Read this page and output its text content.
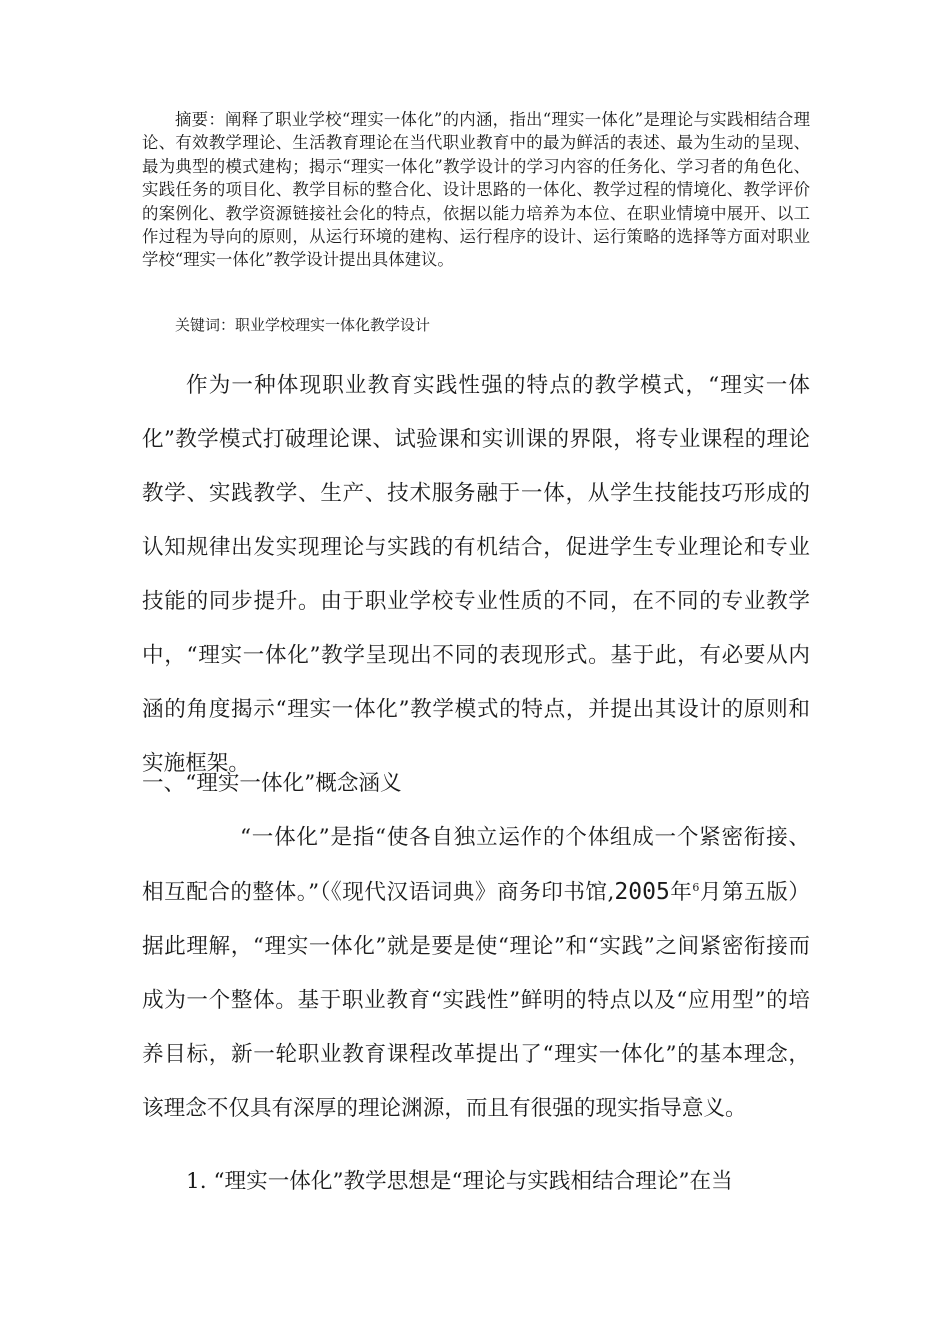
摘要：阐释了职业学校“理实一体化”的内涵，指出“理实一体化”是理论与实践相结合理论、有效教学理论、生活教育理论在当代职业教育中的最为鲜活的表述、最为生动的呈现、最为典型的模式建构；揭示“理实一体化”教学设计的学习内容的任务化、学习者的角色化、实践任务的项目化、教学目标的整合化、设计思路的一体化、教学过程的情境化、教学评价的案例化、教学资源链接社会化的特点，依据以能力培养为本位、在职业情境中展开、以工作过程为导向的原则，从运行环境的建构、运行程序的设计、运行策略的选择等方面对职业学校“理实一体化”教学设计提出具体建议。

关键词：职业学校理实一体化教学设计

作为一种体现职业教育实践性强的特点的教学模式，“理实一体化”教学模式打破理论课、试验课和实训课的界限，将专业课程的理论教学、实践教学、生产、技术服务融于一体，从学生技能技巧形成的认知规律出发实现理论与实践的有机结合，促进学生专业理论和专业技能的同步提升。由于职业学校专业性质的不同，在不同的专业教学中，“理实一体化”教学呈现出不同的表现形式。基于此，有必要从内涵的角度揭示“理实一体化”教学模式的特点，并提出其设计的原则和实施框架。

一、“理实一体化”概念涵义

“一体化”是指“使各自独立运作的个体组成一个紧密衔接、相互配合的整体。”（《现代汉语词典》商务印书馆,2005年$^6$月第五版）据此理解，“理实一体化”就是要是使“理论”和“实践”之间紧密衔接而成为一个整体。基于职业教育“实践性”鲜明的特点以及“应用型”的培养目标，新一轮职业教育课程改革提出了“理实一体化”的基本理念，该理念不仅具有深厚的理论渊源，而且有很强的现实指导意义。

1. “理实一体化”教学思想是“理论与实践相结合理论”在当
